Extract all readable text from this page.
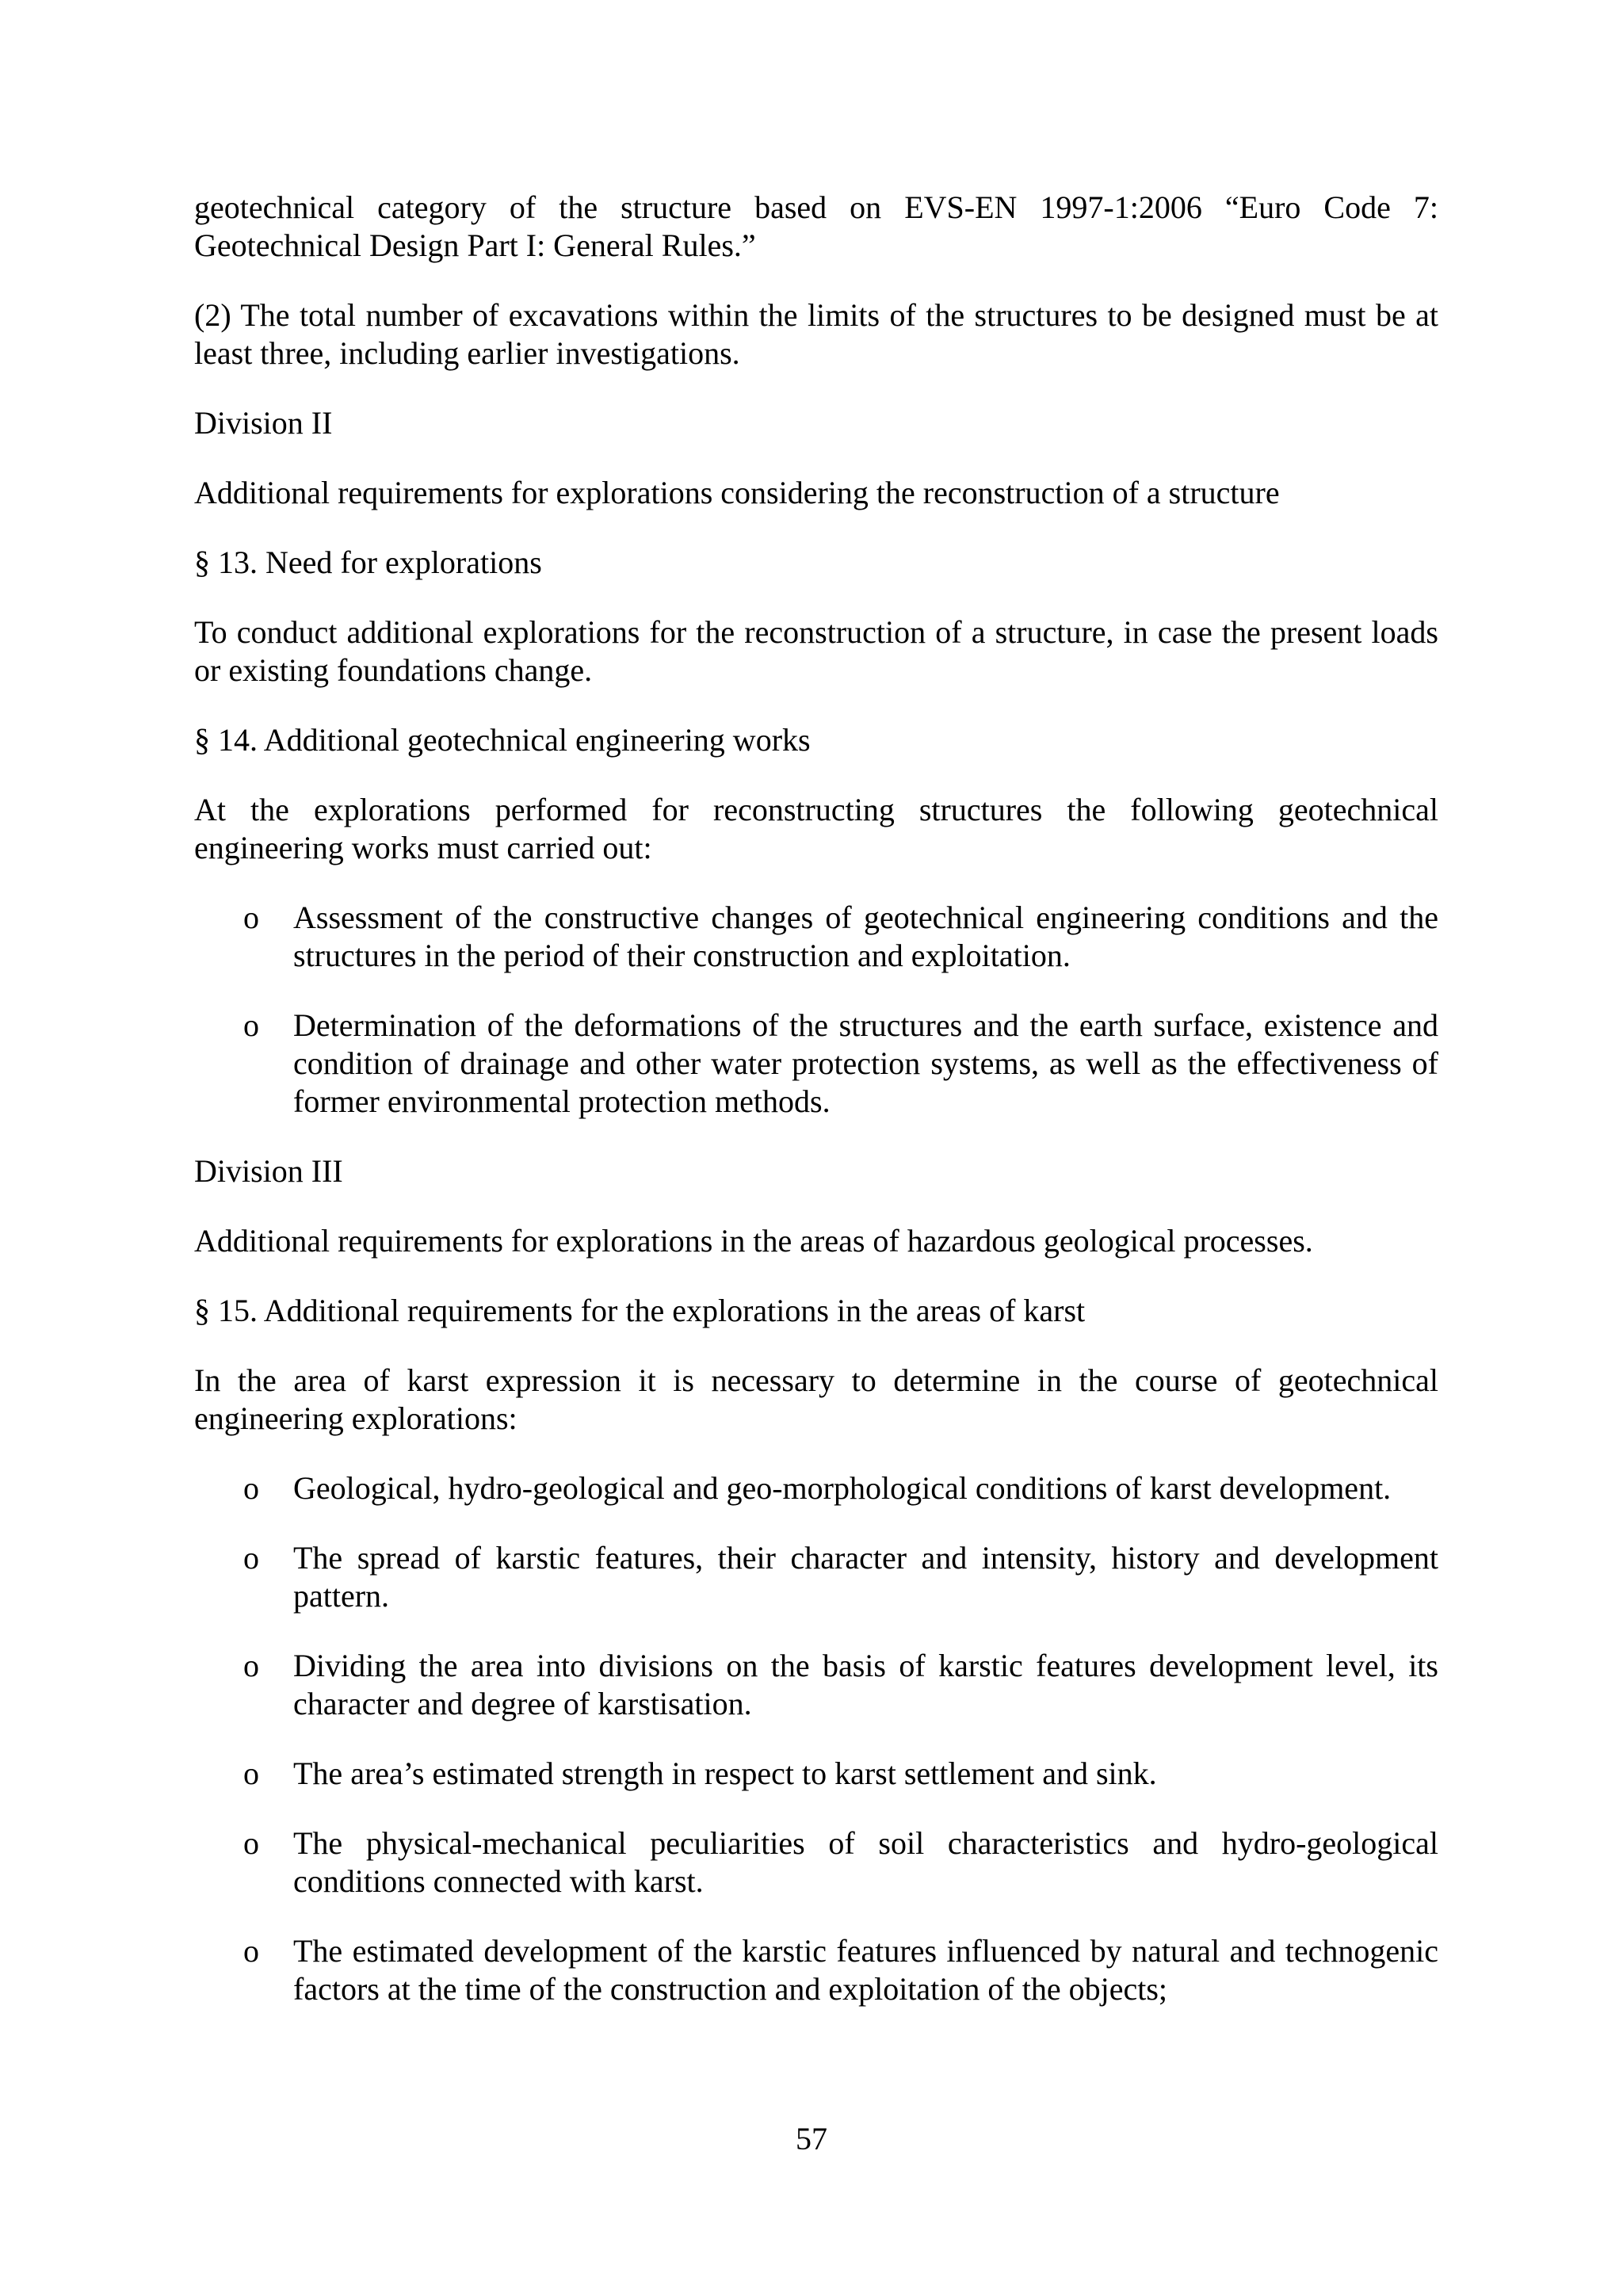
geotechnical category of the structure based on EVS-EN 1997-1:2006 “Euro Code 7: Geotechnical Design Part I: General Rules.”

(2) The total number of excavations within the limits of the structures to be designed must be at least three, including earlier investigations.

Division II

Additional requirements for explorations considering the reconstruction of a structure

§ 13. Need for explorations

To conduct additional explorations for the reconstruction of a structure, in case the present loads or existing foundations change.

§ 14. Additional geotechnical engineering works

At the explorations performed for reconstructing structures the following geotechnical engineering works must carried out:

o Assessment of the constructive changes of geotechnical engineering conditions and the structures in the period of their construction and exploitation.
o Determination of the deformations of the structures and the earth surface, existence and condition of drainage and other water protection systems, as well as the effectiveness of former environmental protection methods.

Division III

Additional requirements for explorations in the areas of hazardous geological processes.

§ 15. Additional requirements for the explorations in the areas of karst

In the area of karst expression it is necessary to determine in the course of geotechnical engineering explorations:

o Geological, hydro-geological and geo-morphological conditions of karst development.
o The spread of karstic features, their character and intensity, history and development pattern.
o Dividing the area into divisions on the basis of karstic features development level, its character and degree of karstisation.
o The area’s estimated strength in respect to karst settlement and sink.
o The physical-mechanical peculiarities of soil characteristics and hydro-geological conditions connected with karst.
o The estimated development of the karstic features influenced by natural and technogenic factors at the time of the construction and exploitation of the objects;
57
